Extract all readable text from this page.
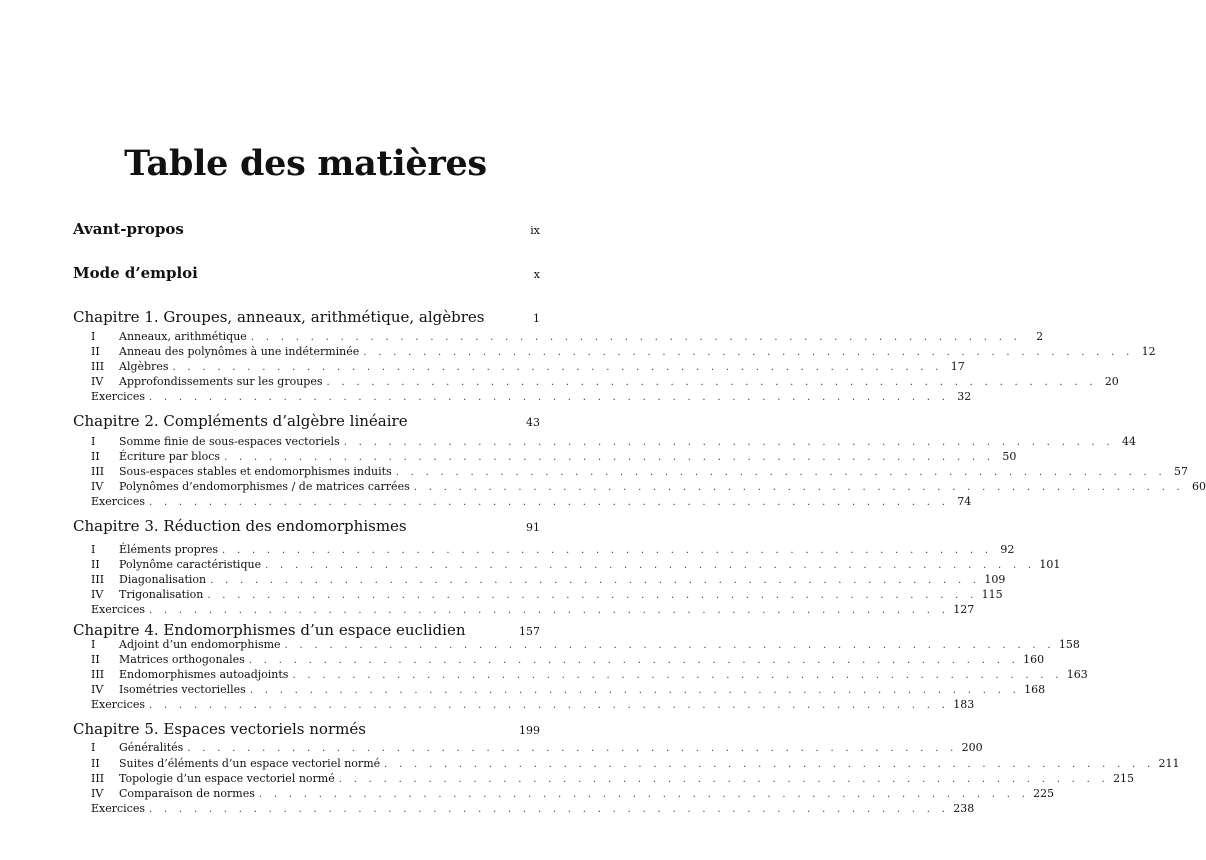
Table des matières
Avant-propos	ix
Mode d’emploi	x
Chapitre 1. Groupes, anneaux, arithmétique, algèbres	1
I	Anneaux, arithmétique . . . . . . . . . . . . . . . . . . . . . . . . . . . . . . . . . . . . . . . . . . . . . . . . . . . .	2
II	Anneau des polynômes à une indéterminée . . . . . . . . . . . . . . . . . . . . . . . . . . . . . . . . . . . . . . . . . . . . . . . . . . . . 12
III	Algèbres . . . . . . . . . . . . . . . . . . . . . . . . . . . . . . . . . . . . . . . . . . . . . . . . . . . . 17
IV	Approfondissements sur les groupes . . . . . . . . . . . . . . . . . . . . . . . . . . . . . . . . . . . . . . . . . . . . . . . . . . . . 20
Exercices . . . . . . . . . . . . . . . . . . . . . . . . . . . . . . . . . . . . . . . . . . . . . . . . . . . . . . 32
Chapitre 2. Compléments d’algèbre linéaire	43
I	Somme finie de sous-espaces vectoriels . . . . . . . . . . . . . . . . . . . . . . . . . . . . . . . . . . . . . . . . . . . . . . . . . . . . 44
II	Écriture par blocs . . . . . . . . . . . . . . . . . . . . . . . . . . . . . . . . . . . . . . . . . . . . . . . . . . . . 50
III	Sous-espaces stables et endomorphismes induits . . . . . . . . . . . . . . . . . . . . . . . . . . . . . . . . . . . . . . . . . . . . . . . . . . . . 57
IV	Polynômes d’endomorphismes / de matrices carrées . . . . . . . . . . . . . . . . . . . . . . . . . . . . . . . . . . . . . . . . . . . . . . . . . . . . 60
Exercices . . . . . . . . . . . . . . . . . . . . . . . . . . . . . . . . . . . . . . . . . . . . . . . . . . . . . . 74
Chapitre 3. Réduction des endomorphismes	91
I	Éléments propres . . . . . . . . . . . . . . . . . . . . . . . . . . . . . . . . . . . . . . . . . . . . . . . . . . . . 92
II	Polynôme caractéristique . . . . . . . . . . . . . . . . . . . . . . . . . . . . . . . . . . . . . . . . . . . . . . . . . . . . 101
III	Diagonalisation . . . . . . . . . . . . . . . . . . . . . . . . . . . . . . . . . . . . . . . . . . . . . . . . . . . . 109
IV	Trigonalisation . . . . . . . . . . . . . . . . . . . . . . . . . . . . . . . . . . . . . . . . . . . . . . . . . . . . 115
Exercices . . . . . . . . . . . . . . . . . . . . . . . . . . . . . . . . . . . . . . . . . . . . . . . . . . . . . . 127
Chapitre 4. Endomorphismes d’un espace euclidien	157
I	Adjoint d’un endomorphisme . . . . . . . . . . . . . . . . . . . . . . . . . . . . . . . . . . . . . . . . . . . . . . . . . . . . 158
II	Matrices orthogonales . . . . . . . . . . . . . . . . . . . . . . . . . . . . . . . . . . . . . . . . . . . . . . . . . . . . 160
III	Endomorphismes autoadjoints . . . . . . . . . . . . . . . . . . . . . . . . . . . . . . . . . . . . . . . . . . . . . . . . . . . . 163
IV	Isométries vectorielles . . . . . . . . . . . . . . . . . . . . . . . . . . . . . . . . . . . . . . . . . . . . . . . . . . . . 168
Exercices . . . . . . . . . . . . . . . . . . . . . . . . . . . . . . . . . . . . . . . . . . . . . . . . . . . . . . 183
Chapitre 5. Espaces vectoriels normés	199
I	Généralités . . . . . . . . . . . . . . . . . . . . . . . . . . . . . . . . . . . . . . . . . . . . . . . . . . . . 200
II	Suites d’éléments d’un espace vectoriel normé . . . . . . . . . . . . . . . . . . . . . . . . . . . . . . . . . . . . . . . . . . . . . . . . . . . . 211
III	Topologie d’un espace vectoriel normé . . . . . . . . . . . . . . . . . . . . . . . . . . . . . . . . . . . . . . . . . . . . . . . . . . . . 215
IV	Comparaison de normes . . . . . . . . . . . . . . . . . . . . . . . . . . . . . . . . . . . . . . . . . . . . . . . . . . . . 225
Exercices . . . . . . . . . . . . . . . . . . . . . . . . . . . . . . . . . . . . . . . . . . . . . . . . . . . . . . 238
